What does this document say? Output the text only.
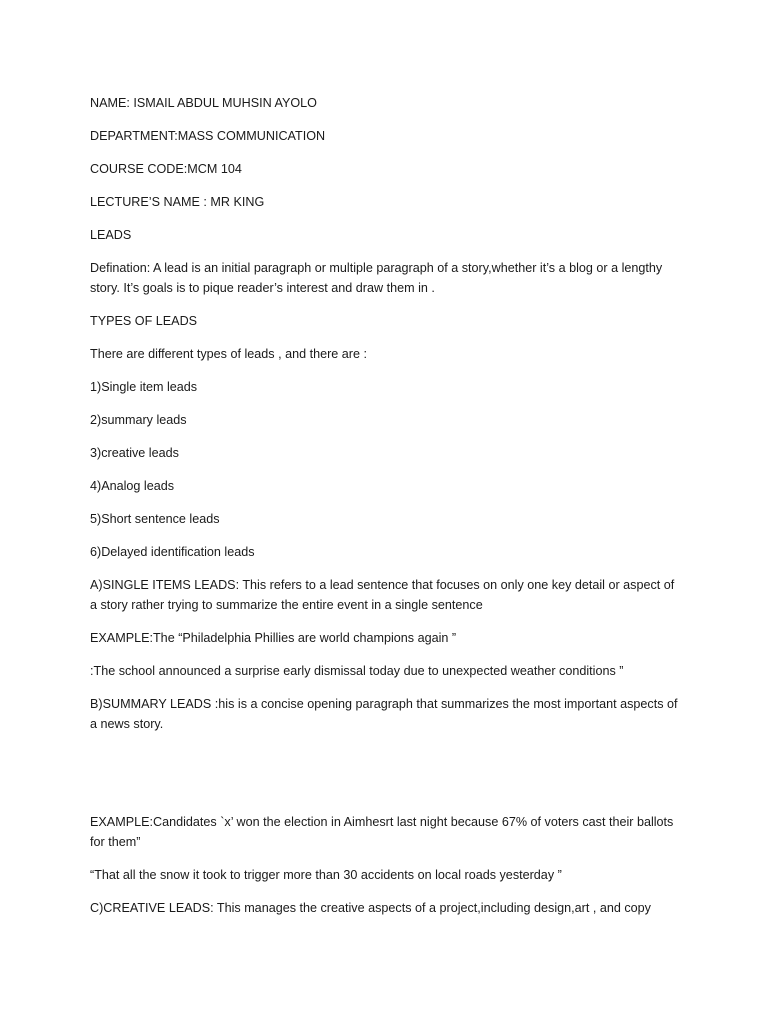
NAME: ISMAIL ABDUL MUHSIN AYOLO

DEPARTMENT:MASS COMMUNICATION

COURSE CODE:MCM 104

LECTURE’S NAME : MR KING

LEADS

Defination: A lead is an initial paragraph or multiple paragraph of a story,whether it’s a blog or a lengthy story. It’s goals is to pique reader’s interest and draw them in .

TYPES OF LEADS

There are different types of leads , and there are :

1)Single item leads

2)summary leads

3)creative leads

4)Analog leads

5)Short sentence leads

6)Delayed identification leads

A)SINGLE ITEMS LEADS: This refers to a lead sentence that focuses on only one key detail or aspect of a story rather trying to summarize the entire event in a single sentence

EXAMPLE:The “Philadelphia Phillies are world champions again ”

:The school announced a surprise early dismissal today due to unexpected weather conditions ”

B)SUMMARY LEADS :his is a concise opening paragraph that summarizes the most important aspects of a news story.

EXAMPLE:Candidates `x’ won the election in Aimhesrt last night because 67% of voters cast their ballots for them”

“That all the snow it took to trigger more than 30 accidents on local roads yesterday ”

C)CREATIVE LEADS: This manages the creative aspects of a project,including design,art , and copy
